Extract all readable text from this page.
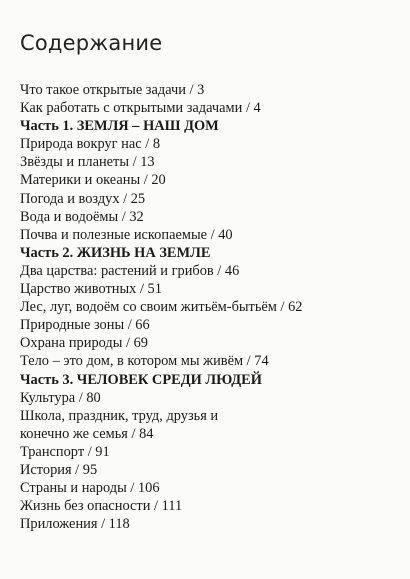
Содержание
Что такое открытые задачи / 3
Как работать с открытыми задачами / 4
Часть 1. ЗЕМЛЯ – НАШ ДОМ
Природа вокруг нас / 8
Звёзды и планеты / 13
Материки и океаны / 20
Погода и воздух / 25
Вода и водоёмы / 32
Почва и полезные ископаемые / 40
Часть 2. ЖИЗНЬ НА ЗЕМЛЕ
Два царства: растений и грибов / 46
Царство животных / 51
Лес, луг, водоём со своим житьём-бытьём / 62
Природные зоны / 66
Охрана природы / 69
Тело – это дом, в котором мы живём / 74
Часть 3. ЧЕЛОВЕК СРЕДИ ЛЮДЕЙ
Культура / 80
Школа, праздник, труд, друзья и
конечно же семья / 84
Транспорт / 91
История / 95
Страны и народы / 106
Жизнь без опасности / 111
Приложения / 118
